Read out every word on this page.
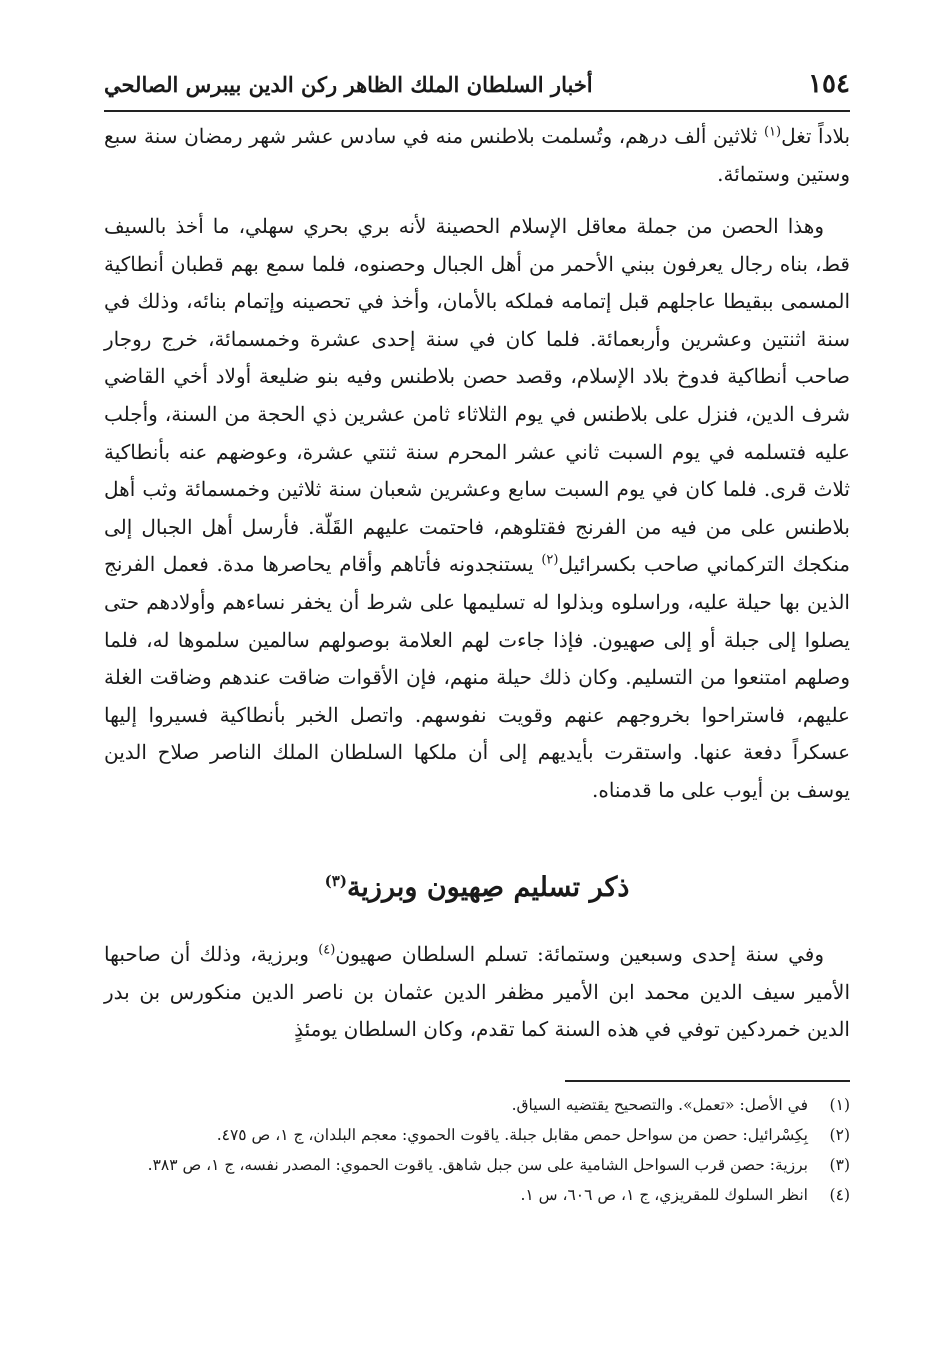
١٥٤
أخبار السلطان الملك الظاهر ركن الدين بيبرس الصالحي

بلاداً تغل$^{(١)}$ ثلاثين ألف درهم، وتُسلمت بلاطنس منه في سادس عشر شهر رمضان سنة سبع وستين وستمائة.

وهذا الحصن من جملة معاقل الإسلام الحصينة لأنه بري بحري سهلي، ما أخذ بالسيف قط، بناه رجال يعرفون ببني الأحمر من أهل الجبال وحصنوه، فلما سمع بهم قطبان أنطاكية المسمى ببقيطا عاجلهم قبل إتمامه فملكه بالأمان، وأخذ في تحصينه وإتمام بنائه، وذلك في سنة اثنتين وعشرين وأربعمائة. فلما كان في سنة إحدى عشرة وخمسمائة، خرج روجار صاحب أنطاكية فدوخ بلاد الإسلام، وقصد حصن بلاطنس وفيه بنو ضليعة أولاد أخي القاضي شرف الدين، فنزل على بلاطنس في يوم الثلاثاء ثامن عشرين ذي الحجة من السنة، وأجلب عليه فتسلمه في يوم السبت ثاني عشر المحرم سنة ثنتي عشرة، وعوضهم عنه بأنطاكية ثلاث قرى. فلما كان في يوم السبت سابع وعشرين شعبان سنة ثلاثين وخمسمائة وثب أهل بلاطنس على من فيه من الفرنج فقتلوهم، فاحتمت عليهم القَلّة. فأرسل أهل الجبال إلى منكجك التركماني صاحب بكسرائيل$^{(٢)}$ يستنجدونه فأتاهم وأقام يحاصرها مدة. فعمل الفرنج الذين بها حيلة عليه، وراسلوه وبذلوا له تسليمها على شرط أن يخفر نساءهم وأولادهم حتى يصلوا إلى جبلة أو إلى صهيون. فإذا جاءت لهم العلامة بوصولهم سالمين سلموها له، فلما وصلهم امتنعوا من التسليم. وكان ذلك حيلة منهم، فإن الأقوات ضاقت عندهم وضاقت الغلة عليهم، فاستراحوا بخروجهم عنهم وقويت نفوسهم. واتصل الخبر بأنطاكية فسيروا إليها عسكراً دفعة عنها. واستقرت بأيديهم إلى أن ملكها السلطان الملك الناصر صلاح الدين يوسف بن أيوب على ما قدمناه.

ذكر تسليم صِهيون وبرزية$^{(٣)}$

وفي سنة إحدى وسبعين وستمائة: تسلم السلطان صهيون$^{(٤)}$ وبرزية، وذلك أن صاحبها الأمير سيف الدين محمد ابن الأمير مظفر الدين عثمان بن ناصر الدين منكورس بن بدر الدين خمردكين توفي في هذه السنة كما تقدم، وكان السلطان يومئذٍ

(١)
في الأصل: «تعمل». والتصحيح يقتضيه السياق.
(٢)
بِكِسْرائيل: حصن من سواحل حمص مقابل جبلة. ياقوت الحموي: معجم البلدان، ج ١، ص ٤٧٥.
(٣)
برزية: حصن قرب السواحل الشامية على سن جبل شاهق. ياقوت الحموي: المصدر نفسه، ج ١، ص ٣٨٣.
(٤)
انظر السلوك للمقريزي، ج ١، ص ٦٠٦، س ١.
